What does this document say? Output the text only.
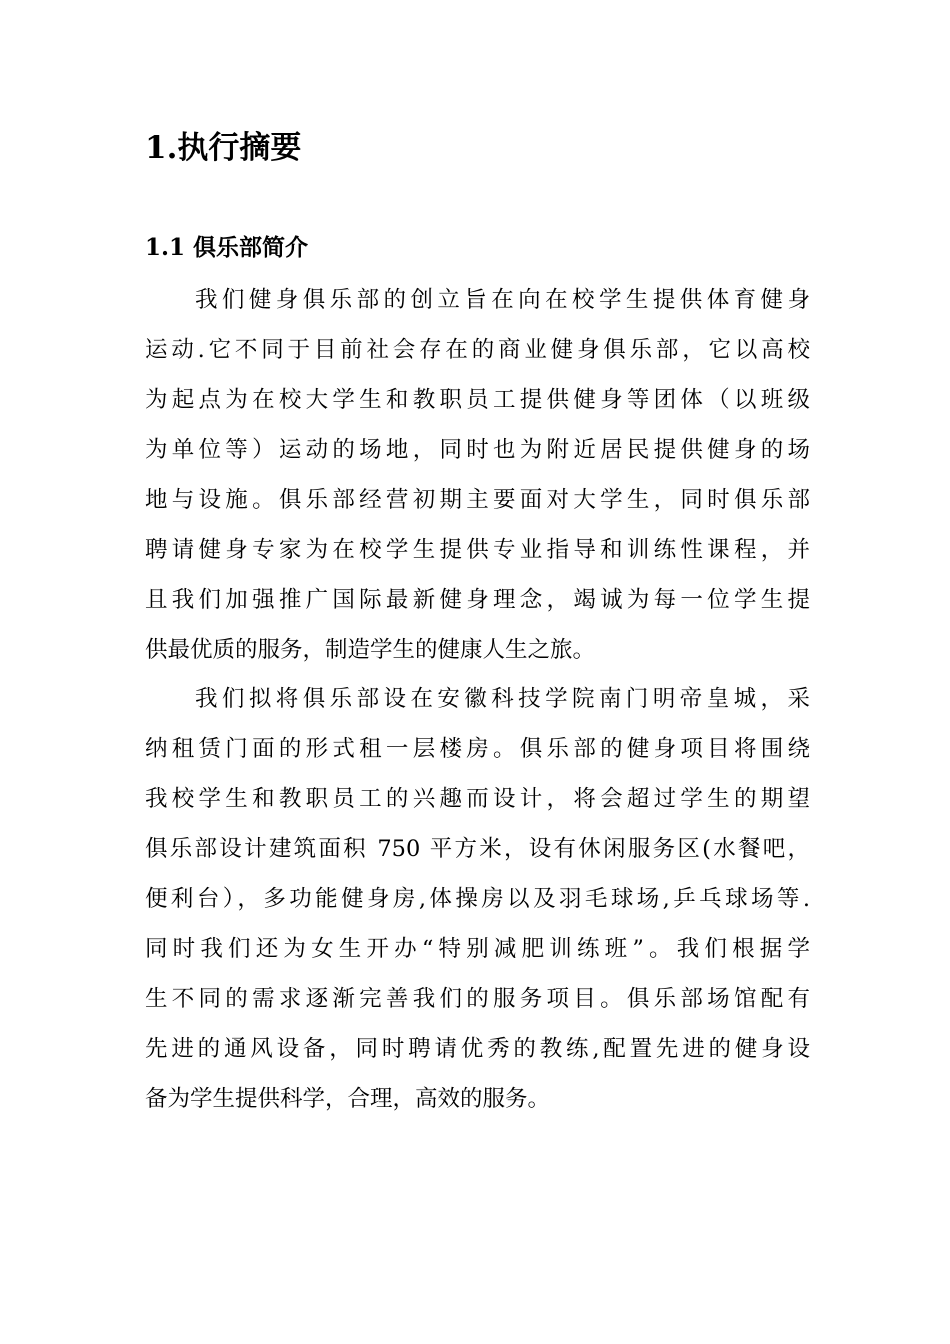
1.执行摘要
1.1 俱乐部简介
我们健身俱乐部的创立旨在向在校学生提供体育健身
运动.它不同于目前社会存在的商业健身俱乐部，它以高校
为起点为在校大学生和教职员工提供健身等团体（以班级
为单位等）运动的场地，同时也为附近居民提供健身的场
地与设施。俱乐部经营初期主要面对大学生，同时俱乐部
聘请健身专家为在校学生提供专业指导和训练性课程，并
且我们加强推广国际最新健身理念，竭诚为每一位学生提
供最优质的服务，制造学生的健康人生之旅。
我们拟将俱乐部设在安徽科技学院南门明帝皇城，采
纳租赁门面的形式租一层楼房。俱乐部的健身项目将围绕
我校学生和教职员工的兴趣而设计，将会超过学生的期望
俱乐部设计建筑面积 750 平方米，设有休闲服务区(水餐吧，
便利台），多功能健身房,体操房以及羽毛球场,乒乓球场等.
同时我们还为女生开办“特别减肥训练班”。我们根据学
生不同的需求逐渐完善我们的服务项目。俱乐部场馆配有
先进的通风设备，同时聘请优秀的教练,配置先进的健身设
备为学生提供科学，合理，高效的服务。
